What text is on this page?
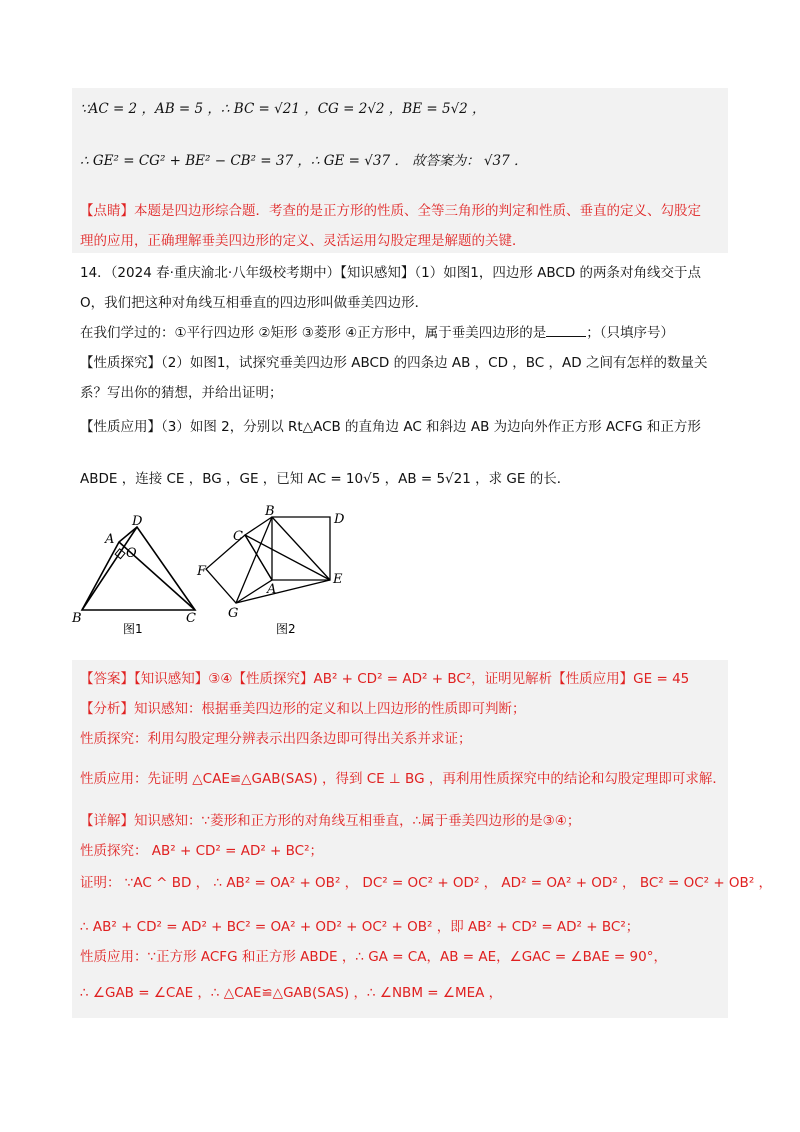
∵AC = 2 ，AB = 5 ，∴ BC = √21 ，CG = 2√2 ，BE = 5√2 ，
∴ GE² = CG² + BE² − CB² = 37 ，∴ GE = √37 ． 故答案为： √37 ．
【点睛】本题是四边形综合题．考查的是正方形的性质、全等三角形的判定和性质、垂直的定义、勾股定
理的应用，正确理解垂美四边形的定义、灵活运用勾股定理是解题的关键．
14．（2024 春·重庆渝北·八年级校考期中）【知识感知】（1）如图1，四边形 ABCD 的两条对角线交于点
O，我们把这种对角线互相垂直的四边形叫做垂美四边形．
在我们学过的：①平行四边形 ②矩形 ③菱形 ④正方形中，属于垂美四边形的是	；（只填序号）
【性质探究】（2）如图1，试探究垂美四边形 ABCD 的四条边 AB ，CD ，BC ，AD 之间有怎样的数量关
系？写出你的猜想，并给出证明；
【性质应用】（3）如图 2，分别以 Rt△ACB 的直角边 AC 和斜边 AB 为边向外作正方形 ACFG 和正方形
ABDE ，连接 CE ，BG ，GE ，已知 AC = 10√5 ，AB = 5√21 ，求 GE 的长．
A
D
O
B	C
图1
B
D
C
F
A
E
G
图2
【答案】【知识感知】③④【性质探究】AB² + CD² = AD² + BC²，证明见解析【性质应用】GE = 45
【分析】知识感知：根据垂美四边形的定义和以上四边形的性质即可判断；
性质探究：利用勾股定理分辨表示出四条边即可得出关系并求证；
性质应用：先证明 △CAE≌△GAB(SAS) ，得到 CE ⊥ BG ，再利用性质探究中的结论和勾股定理即可求解．
【详解】知识感知：∵菱形和正方形的对角线互相垂直，∴属于垂美四边形的是③④；
性质探究： AB² + CD² = AD² + BC²；
证明： ∵AC ^ BD ， ∴ AB² = OA² + OB² ， DC² = OC² + OD² ， AD² = OA² + OD² ， BC² = OC² + OB² ，
∴ AB² + CD² = AD² + BC² = OA² + OD² + OC² + OB² ，即 AB² + CD² = AD² + BC²；
性质应用：∵正方形 ACFG 和正方形 ABDE ，∴ GA = CA，AB = AE，∠GAC = ∠BAE = 90°，
∴ ∠GAB = ∠CAE ，∴ △CAE≌△GAB(SAS) ，∴ ∠NBM = ∠MEA ，
